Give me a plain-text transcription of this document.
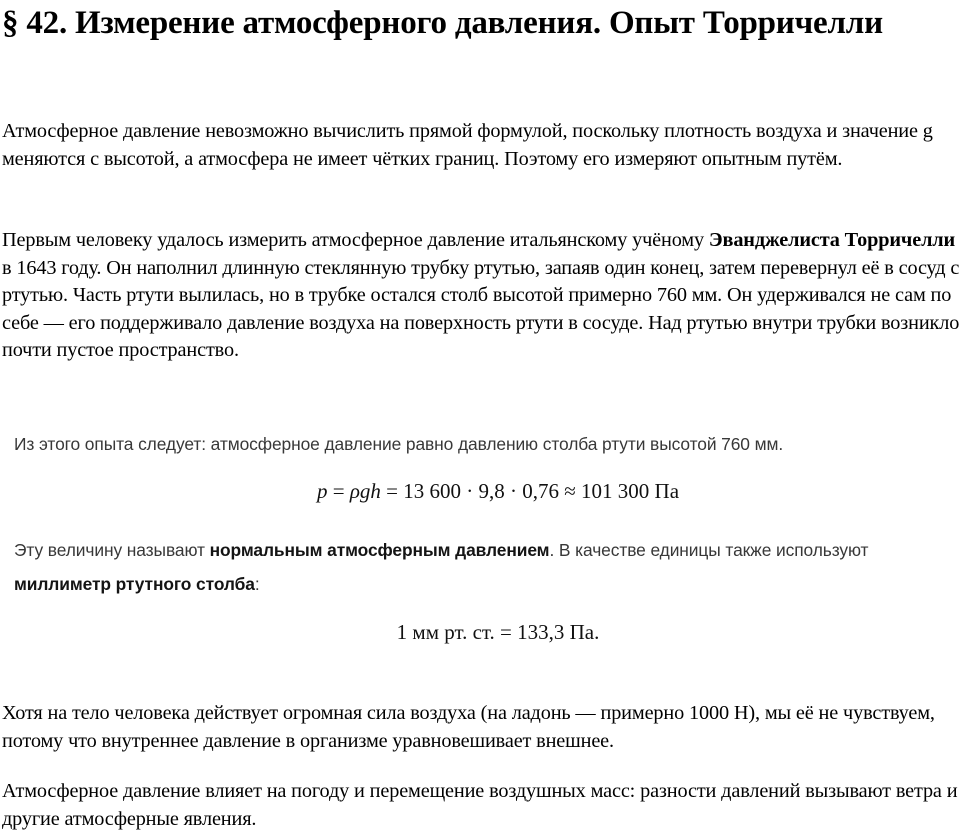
§ 42. Измерение атмосферного давления. Опыт Торричелли

Атмосферное давление невозможно вычислить прямой формулой, поскольку плотность воздуха и значение g меняются с высотой, а атмосфера не имеет чётких границ. Поэтому его измеряют опытным путём.

Первым человеку удалось измерить атмосферное давление итальянскому учёному Эванджелиста Торричелли в 1643 году. Он наполнил длинную стеклянную трубку ртутью, запаяв один конец, затем перевернул её в сосуд с ртутью. Часть ртути вылилась, но в трубке остался столб высотой примерно 760 мм. Он удерживался не сам по себе — его поддерживало давление воздуха на поверхность ртути в сосуде. Над ртутью внутри трубки возникло почти пустое пространство.

Из этого опыта следует: атмосферное давление равно давлению столба ртути высотой 760 мм.

p = ρgh = 13 600 · 9,8 · 0,76 ≈ 101 300 Па

Эту величину называют нормальным атмосферным давлением. В качестве единицы также используют миллиметр ртутного столба:

1 мм рт. ст. = 133,3 Па.

Хотя на тело человека действует огромная сила воздуха (на ладонь — примерно 1000 Н), мы её не чувствуем, потому что внутреннее давление в организме уравновешивает внешнее.

Атмосферное давление влияет на погоду и перемещение воздушных масс: разности давлений вызывают ветра и другие атмосферные явления.
